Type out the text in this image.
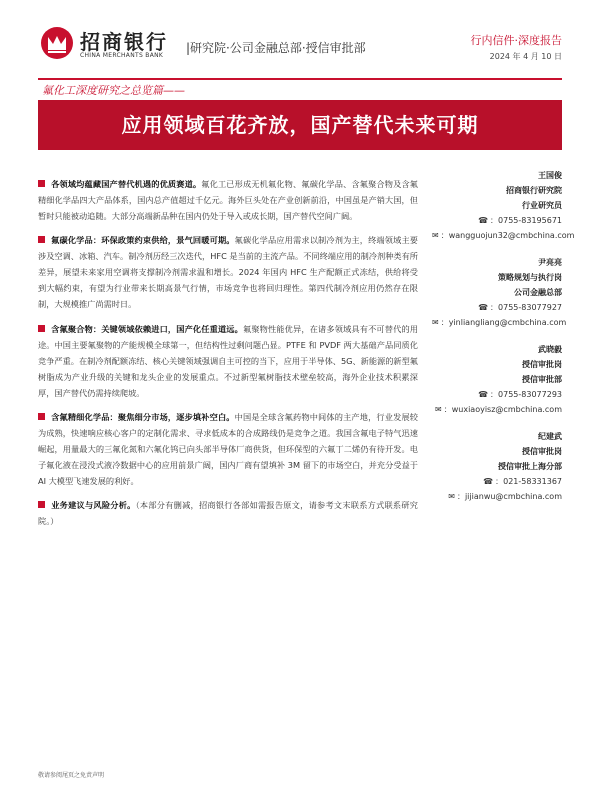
招商银行
CHINA MERCHANTS BANK
|研究院·公司金融总部·授信审批部
行内信件·深度报告
2024 年 4 月 10 日
氟化工深度研究之总览篇——
应用领域百花齐放，国产替代未来可期

各领域均蕴藏国产替代机遇的优质赛道。氟化工已形成无机氟化物、氟碳化学品、含氟聚合物及含氟精细化学品四大产品体系，国内总产值超过千亿元。海外巨头处在产业创新前沿，中国虽是产销大国，但暂时只能被动追随。大部分高端新品种在国内仍处于导入或成长期，国产替代空间广阔。

氟碳化学品：环保政策约束供给，景气回暖可期。氟碳化学品应用需求以制冷剂为主，终端领域主要涉及空调、冰箱、汽车。制冷剂历经三次迭代，HFC 是当前的主流产品。不同终端应用的制冷剂种类有所差异，展望未来家用空调将支撑制冷剂需求温和增长。2024 年国内 HFC 生产配额正式冻结，供给将受到大幅约束，有望为行业带来长期高景气行情，市场竞争也将回归理性。第四代制冷剂应用仍然存在限制，大规模推广尚需时日。

含氟聚合物：关键领域依赖进口，国产化任重道远。氟聚物性能优异，在诸多领域具有不可替代的用途。中国主要氟聚物的产能规模全球第一，但结构性过剩问题凸显。PTFE 和 PVDF 两大基础产品同质化竞争严重。在制冷剂配额冻结、核心关键领域强调自主可控的当下，应用于半导体、5G、新能源的新型氟树脂成为产业升级的关键和龙头企业的发展重点。不过新型氟树脂技术壁垒较高，海外企业技术积累深厚，国产替代仍需持续爬坡。

含氟精细化学品：聚焦细分市场，逐步填补空白。中国是全球含氟药物中间体的主产地，行业发展较为成熟，快速响应核心客户的定制化需求、寻求低成本的合成路线仍是竞争之道。我国含氟电子特气迅速崛起，用量最大的三氟化氮和六氟化钨已向头部半导体厂商供货，但环保型的六氟丁二烯仍有待开发。电子氟化液在浸没式液冷数据中心的应用前景广阔，国内厂商有望填补 3M 留下的市场空白，并充分受益于 AI 大模型飞速发展的利好。

业务建议与风险分析。（本部分有删减，招商银行各部如需报告原文，请参考文末联系方式联系研究院。）

王国俊
招商银行研究院
行业研究员
☎ ：0755-83195671
✉ ：wangguojun32@cmbchina.com
尹亮亮
策略规划与执行岗
公司金融总部
☎ ：0755-83077927
✉ ：yinliangliang@cmbchina.com
武晓毅
授信审批岗
授信审批部
☎ ：0755-83077293
✉ ：wuxiaoyisz@cmbchina.com
纪建武
授信审批岗
授信审批上海分部
☎ ：021-58331367
✉ ：jijianwu@cmbchina.com
敬请参阅尾页之免责声明
